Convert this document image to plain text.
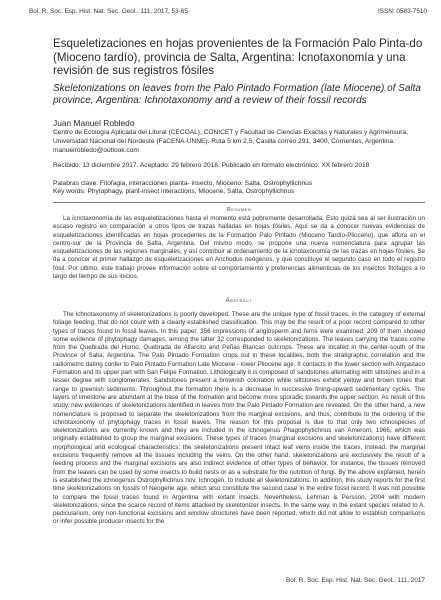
Bol. R. Soc. Esp. Hist. Nat. Sec. Geol., 111, 2017, 53-65	ISSN: 0583-7510
Esqueletizaciones en hojas provenientes de la Formación Palo Pinta-do (Mioceno tardío), provincia de Salta, Argentina: Icnotaxonomía y una revisión de sus registros fósiles
Skeletonizations on leaves from the Palo Pintado Formation (late Miocene) of Salta province, Argentina: Ichnotaxonomy and a review of their fossil records
Juan Manuel Robledo
Centro de Ecología Aplicada del Litoral (CECOAL), CONICET y Facultad de Ciencias Exactas y Naturales y Agrimensura, Universidad Nacional del Nordeste (FaCENA-UNNE). Ruta 5 km 2,5, Casilla correo 291, 3400, Corrientes, Argentina. manuelrobledo@outlook.com
Recibido: 13 diciembre 2017. Aceptado: 29 febrero 2018. Publicado en formato electrónico: XX febrero 2018
Palabras clave: Fitofagia, interacciones planta- insecto, Mioceno, Salta, Ostrophyllichnus
Key words: Phytophagy, plant-insect interactions, Miocene, Salta, Ostrophyllichnus
Resumen
La icnotaxonomía de las esqueletizaciones hasta el momento está pobremente desarrollada. Esto quizá sea al ser ilustración un escaso registro en comparación a otros tipos de trazas halladas en hojas fósiles. Aquí se da a conocer nuevas evidencias de esqueletizaciones identificadas en hojas procedentes de la Formación Palo Pintado (Mioceno Tardío-Plioceno), que aflora en el centro-sur de la Provincia de Salta, Argentina. Del mismo modo, se propone una nueva nomenclatura para agrupar las esqueletizaciones de las regiones marginales, y así contribuir al ordenamiento de la icnotaxonomía de las trazas en hojas fósiles. Se da a conocer el primer hallazgo de esqueletizaciones en Anchodus neógenos, y que constituye el segundo caso en todo el registro fósil. Por último, este trabajo provee información sobre el comportamiento y preferencias alimenticias de los insectos fitófagos a lo largo del tiempo de sus inicios.
Abstract
The ichnotaxonomy of skeletonizations is poorly developed. These are the unique type of fossil traces, in the category of external foliage feeding, that do not count with a clearly established classification. This may be the result of a poor record compared to other types of traces found in fossil leaves. In this paper, 356 impressions of angiosperm and ferns were examined; 209 of them showed some evidence of phytophagy damages, among the latter 32 corresponded to skeletonizations. The leaves carrying the traces come from the Quebrada del Horno, Quebrada de Alfarcito and Peñas Blancas outcrops. These are located in the center-south of the Province of Salta, Argentina. The Palo Pintado Formation crops out in these localities, both the stratigraphic correlation and the radiometric dating confer to Palo Pintado Formation Late Miocene - lower Pliocene age. It contacts in the lower section with Angastaco Formation and its upper part with San Felipe Formation. Lithologically it is composed of sandstones alternating with siltstones and in a lesser degree with conglomerates. Sandstones present a brownish coloration while siltstones exhibit yellow and brown tones that range to greenish sediments. Throughout the formation there is a decrease in successive fining-upward sedimentary cycles. The layers of limestone are abundant at the base of the formation and become more sporadic towards the upper section. As result of this study, new evidences of skeletonizations identified in leaves from the Palo Pintado Formation are revealed. On the other hand, a new nomenclature is proposed to separate the skeletonizations from the marginal excisions, and thus, contribute to the ordering of the ichnotaxonomy of phytophagy traces in fossil leaves. The reason for this proposal is due to that only two ichnospecies of skeletonizations are currently known and they are included in the ichnogenus Phagophytichnus van Amerom, 1966, which was originally established to group the marginal excisions. These types of traces (marginal excisions and skeletonizations) have different morphological and ecological characteristics; the skeletonizations present intact leaf veins inside the traces, instead, the marginal excisions frequently remove all the tissues including the veins. On the other hand, skeletonizations are exclusively the result of a feeding process and the marginal excisions are also indirect evidence of other types of behavior, for instance, the tissues removed from the leaves can be used by some insects to build nests or as a substrate for the nutrition of fungi. By the above explained, herein is established the ichnogenus Ostrophyllichnus nov. Ichnogen. to include all skeletonizations. In addition, this study reports for the first time skeletonizations on fossils of Neogene age, which also constitute the second case in the entire fossil record. It was not possible to compare the fossil traces found in Argentina with extant insects. Nevertheless, Lehman & Persson, 2004 with modern skeletonizations, since the scarce record of items attacked by skeletonizer insects. In the same way, in the extant species related to A. pedicularium, only non-functional excisions and window structures have been reported, which did not allow to establish comparisons or infer possible producer insects for the
Bol. R. Soc. Esp. Hist. Nat. Sec. Geol., 111, 2017
